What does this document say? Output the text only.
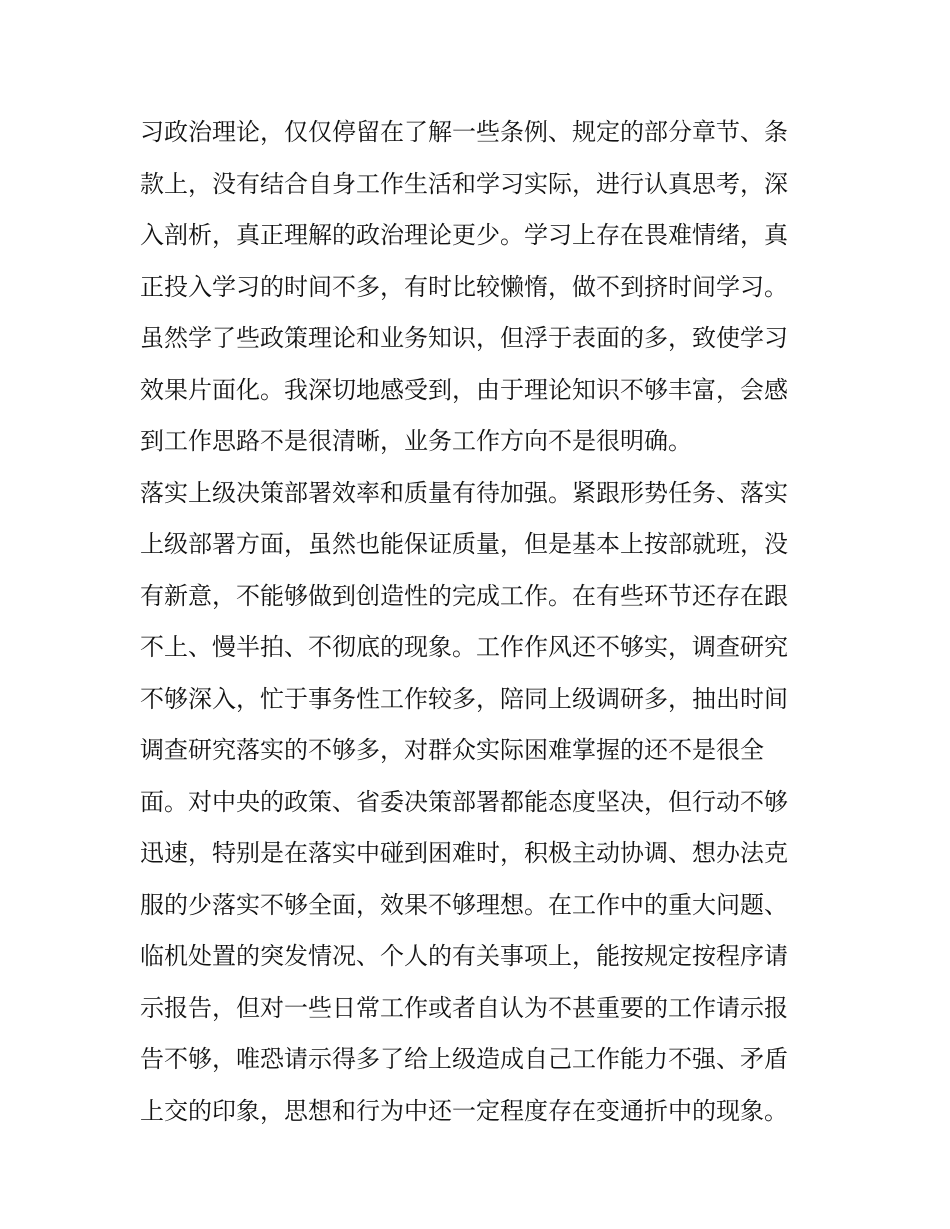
习政治理论，仅仅停留在了解一些条例、规定的部分章节、条
款上，没有结合自身工作生活和学习实际，进行认真思考，深
入剖析，真正理解的政治理论更少。学习上存在畏难情绪，真
正投入学习的时间不多，有时比较懒惰，做不到挤时间学习。
虽然学了些政策理论和业务知识，但浮于表面的多，致使学习
效果片面化。我深切地感受到，由于理论知识不够丰富，会感
到工作思路不是很清晰，业务工作方向不是很明确。
落实上级决策部署效率和质量有待加强。紧跟形势任务、落实
上级部署方面，虽然也能保证质量，但是基本上按部就班，没
有新意，不能够做到创造性的完成工作。在有些环节还存在跟
不上、慢半拍、不彻底的现象。工作作风还不够实，调查研究
不够深入，忙于事务性工作较多，陪同上级调研多，抽出时间
调查研究落实的不够多，对群众实际困难掌握的还不是很全
面。对中央的政策、省委决策部署都能态度坚决，但行动不够
迅速，特别是在落实中碰到困难时，积极主动协调、想办法克
服的少落实不够全面，效果不够理想。在工作中的重大问题、
临机处置的突发情况、个人的有关事项上，能按规定按程序请
示报告，但对一些日常工作或者自认为不甚重要的工作请示报
告不够，唯恐请示得多了给上级造成自己工作能力不强、矛盾
上交的印象，思想和行为中还一定程度存在变通折中的现象。
